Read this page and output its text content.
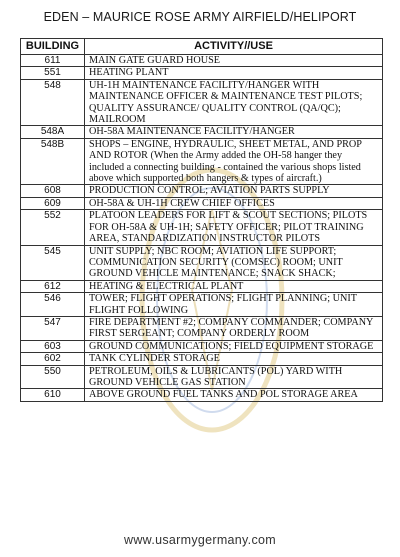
EDEN – MAURICE ROSE ARMY AIRFIELD/HELIPORT
BUILDING	ACTIVITY//USE
611	MAIN GATE GUARD HOUSE
551	HEATING PLANT
548	UH-1H MAINTENANCE FACILITY/HANGER WITH MAINTENANCE OFFICER & MAINTENANCE TEST PILOTS; QUALITY ASSURANCE/ QUALITY CONTROL (QA/QC); MAILROOM
548A	OH-58A MAINTENANCE FACILITY/HANGER
548B	SHOPS – ENGINE, HYDRAULIC, SHEET METAL, AND PROP AND ROTOR (When the Army added the OH-58 hanger they included a connecting building - contained the various shops listed above which supported both hangers & types of aircraft.)
608	PRODUCTION CONTROL; AVIATION PARTS SUPPLY
609	OH-58A & UH-1H CREW CHIEF OFFICES
552	PLATOON LEADERS FOR LIFT & SCOUT SECTIONS; PILOTS FOR OH-58A & UH-1H; SAFETY OFFICER; PILOT TRAINING AREA, STANDARDIZATION INSTRUCTOR PILOTS
545	UNIT SUPPLY; NBC ROOM; AVIATION LIFE SUPPORT; COMMUNICATION SECURITY (COMSEC) ROOM; UNIT GROUND VEHICLE MAINTENANCE; SNACK SHACK;
612	HEATING & ELECTRICAL PLANT
546	TOWER; FLIGHT OPERATIONS; FLIGHT PLANNING; UNIT FLIGHT FOLLOWING
547	FIRE DEPARTMENT #2; COMPANY COMMANDER; COMPANY FIRST SERGEANT; COMPANY ORDERLY ROOM
603	GROUND COMMUNICATIONS; FIELD EQUIPMENT STORAGE
602	TANK CYLINDER STORAGE
550	PETROLEUM, OILS & LUBRICANTS (POL) YARD WITH GROUND VEHICLE GAS STATION
610	ABOVE GROUND FUEL TANKS AND POL STORAGE AREA
www.usarmygermany.com
